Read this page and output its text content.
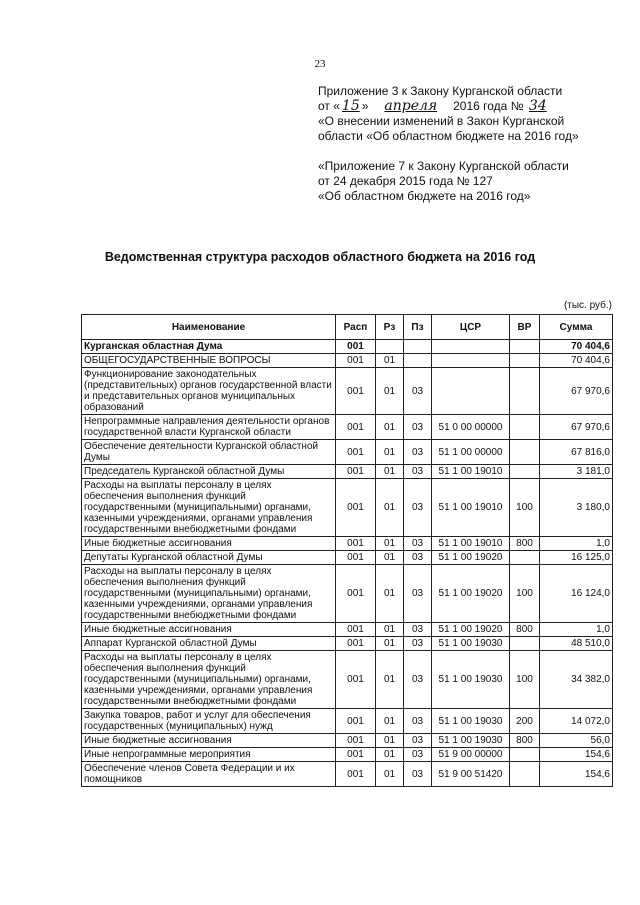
23
Приложение 3 к Закону Курганской области
от « 15 » апреля 2016 года № 34
«О внесении изменений в Закон Курганской
области «Об областном бюджете на 2016 год»
«Приложение 7 к Закону Курганской области
от 24 декабря 2015 года № 127
«Об областном бюджете на 2016 год»
Ведомственная структура расходов областного бюджета на 2016 год
(тыс. руб.)
Наименование	Расп	Рз	Пз	ЦСР	ВР	Сумма
Курганская областная Дума	001					70 404,6
ОБЩЕГОСУДАРСТВЕННЫЕ ВОПРОСЫ	001	01				70 404,6
Функционирование законодательных (представительных) органов государственной власти и представительных органов муниципальных образований	001	01	03			67 970,6
Непрограммные направления деятельности органов государственной власти Курганской области	001	01	03	51 0 00 00000		67 970,6
Обеспечение деятельности Курганской областной Думы	001	01	03	51 1 00 00000		67 816,0
Председатель Курганской областной Думы	001	01	03	51 1 00 19010		3 181,0
Расходы на выплаты персоналу в целях обеспечения выполнения функций государственными (муниципальными) органами, казенными учреждениями, органами управления государственными внебюджетными фондами	001	01	03	51 1 00 19010	100	3 180,0
Иные бюджетные ассигнования	001	01	03	51 1 00 19010	800	1,0
Депутаты Курганской областной Думы	001	01	03	51 1 00 19020		16 125,0
Расходы на выплаты персоналу в целях обеспечения выполнения функций государственными (муниципальными) органами, казенными учреждениями, органами управления государственными внебюджетными фондами	001	01	03	51 1 00 19020	100	16 124,0
Иные бюджетные ассигнования	001	01	03	51 1 00 19020	800	1,0
Аппарат Курганской областной Думы	001	01	03	51 1 00 19030		48 510,0
Расходы на выплаты персоналу в целях обеспечения выполнения функций государственными (муниципальными) органами, казенными учреждениями, органами управления государственными внебюджетными фондами	001	01	03	51 1 00 19030	100	34 382,0
Закупка товаров, работ и услуг для обеспечения государственных (муниципальных) нужд	001	01	03	51 1 00 19030	200	14 072,0
Иные бюджетные ассигнования	001	01	03	51 1 00 19030	800	56,0
Иные непрограммные мероприятия	001	01	03	51 9 00 00000		154,6
Обеспечение членов Совета Федерации и их помощников	001	01	03	51 9 00 51420		154,6
